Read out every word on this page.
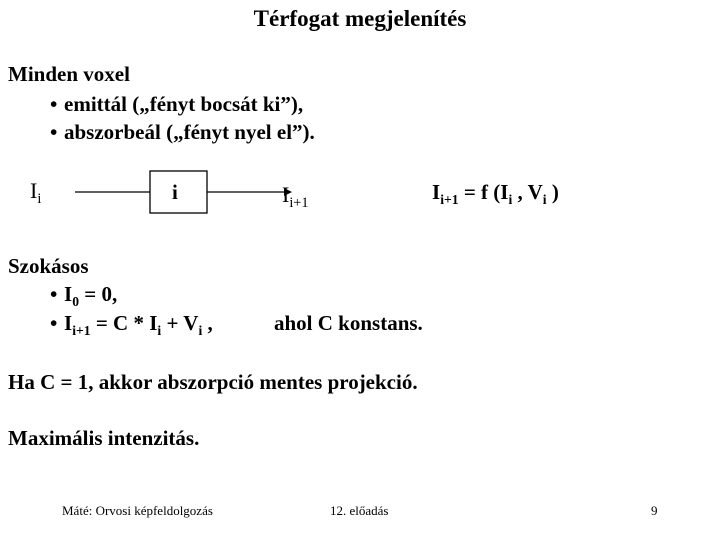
Térfogat megjelenítés
Minden voxel
• emittál („fényt bocsát ki”),
• abszorbeál („fényt nyel el”).
$I_i$	i	$I_{i+1}$	$I_{i+1} = f$ ($I_i$ , $V_i$ )
Szokásos
• $I_0 = 0$,
• $I_{i+1} = C * I_i + V_i$ ,	ahol C konstans.
Ha C = 1, akkor abszorpció mentes projekció.
Maximális intenzitás.
Máté: Orvosi képfeldolgozás	12. előadás	9
